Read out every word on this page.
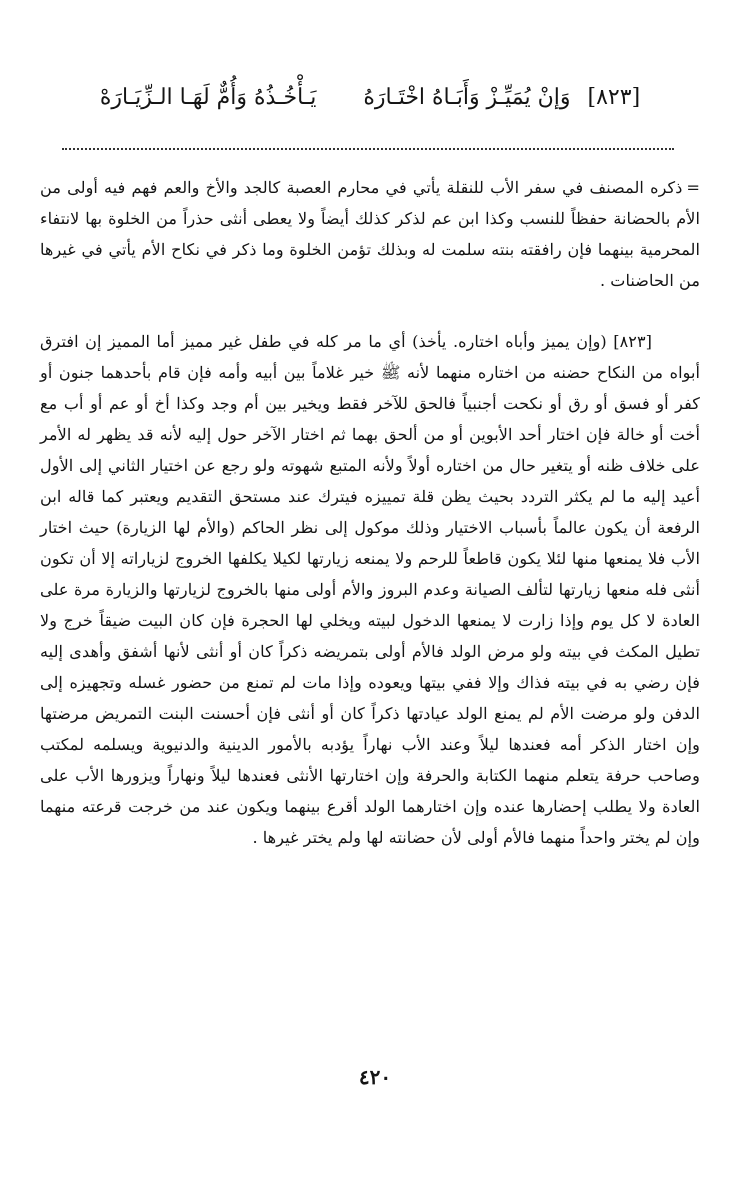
[٨٢٣] وَإنْ يُمَيِّـزْ وَأَبَـاهُ اخْتَـارَهُ يَـأْخُـذُهُ وَأُمٌّ لَهَـا الـزِّيَـارَهْ
=ذكره المصنف في سفر الأب للنقلة يأتي في محارم العصبة كالجد والأخ والعم فهم فيه أولى من الأم بالحضانة حفظاً للنسب وكذا ابن عم لذكر كذلك أيضاً ولا يعطى أنثى حذراً من الخلوة بها لانتفاء المحرمية بينهما فإن رافقته بنته سلمت له وبذلك تؤمن الخلوة وما ذكر في نكاح الأم يأتي في غيرها من الحاضنات .
[٨٢٣] (وإن يميز وأباه اختاره. يأخذ) أي ما مر كله في طفل غير مميز أما المميز إن افترق أبواه من النكاح حضنه من اختاره منهما لأنه ﷺ خير غلاماً بين أبيه وأمه فإن قام بأحدهما جنون أو كفر أو فسق أو رق أو نكحت أجنبياً فالحق للآخر فقط ويخير بين أم وجد وكذا أخ أو عم أو أب مع أخت أو خالة فإن اختار أحد الأبوين أو من ألحق بهما ثم اختار الآخر حول إليه لأنه قد يظهر له الأمر على خلاف ظنه أو يتغير حال من اختاره أولاً ولأنه المتبع شهوته ولو رجع عن اختيار الثاني إلى الأول أعيد إليه ما لم يكثر التردد بحيث يظن قلة تمييزه فيترك عند مستحق التقديم ويعتبر كما قاله ابن الرفعة أن يكون عالماً بأسباب الاختيار وذلك موكول إلى نظر الحاكم (والأم لها الزيارة) حيث اختار الأب فلا يمنعها منها لئلا يكون قاطعاً للرحم ولا يمنعه زيارتها لكيلا يكلفها الخروج لزياراته إلا أن تكون أنثى فله منعها زيارتها لتألف الصيانة وعدم البروز والأم أولى منها بالخروج لزيارتها والزيارة مرة على العادة لا كل يوم وإذا زارت لا يمنعها الدخول لبيته ويخلي لها الحجرة فإن كان البيت ضيقاً خرج ولا تطيل المكث في بيته ولو مرض الولد فالأم أولى بتمريضه ذكراً كان أو أنثى لأنها أشفق وأهدى إليه فإن رضي به في بيته فذاك وإلا ففي بيتها ويعوده وإذا مات لم تمنع من حضور غسله وتجهيزه إلى الدفن ولو مرضت الأم لم يمنع الولد عيادتها ذكراً كان أو أنثى فإن أحسنت البنت التمريض مرضتها وإن اختار الذكر أمه فعندها ليلاً وعند الأب نهاراً يؤدبه بالأمور الدينية والدنيوية ويسلمه لمكتب وصاحب حرفة يتعلم منهما الكتابة والحرفة وإن اختارتها الأنثى فعندها ليلاً ونهاراً ويزورها الأب على العادة ولا يطلب إحضارها عنده وإن اختارهما الولد أقرع بينهما ويكون عند من خرجت قرعته منهما وإن لم يختر واحداً منهما فالأم أولى لأن حضانته لها ولم يختر غيرها .
٤٢٠
